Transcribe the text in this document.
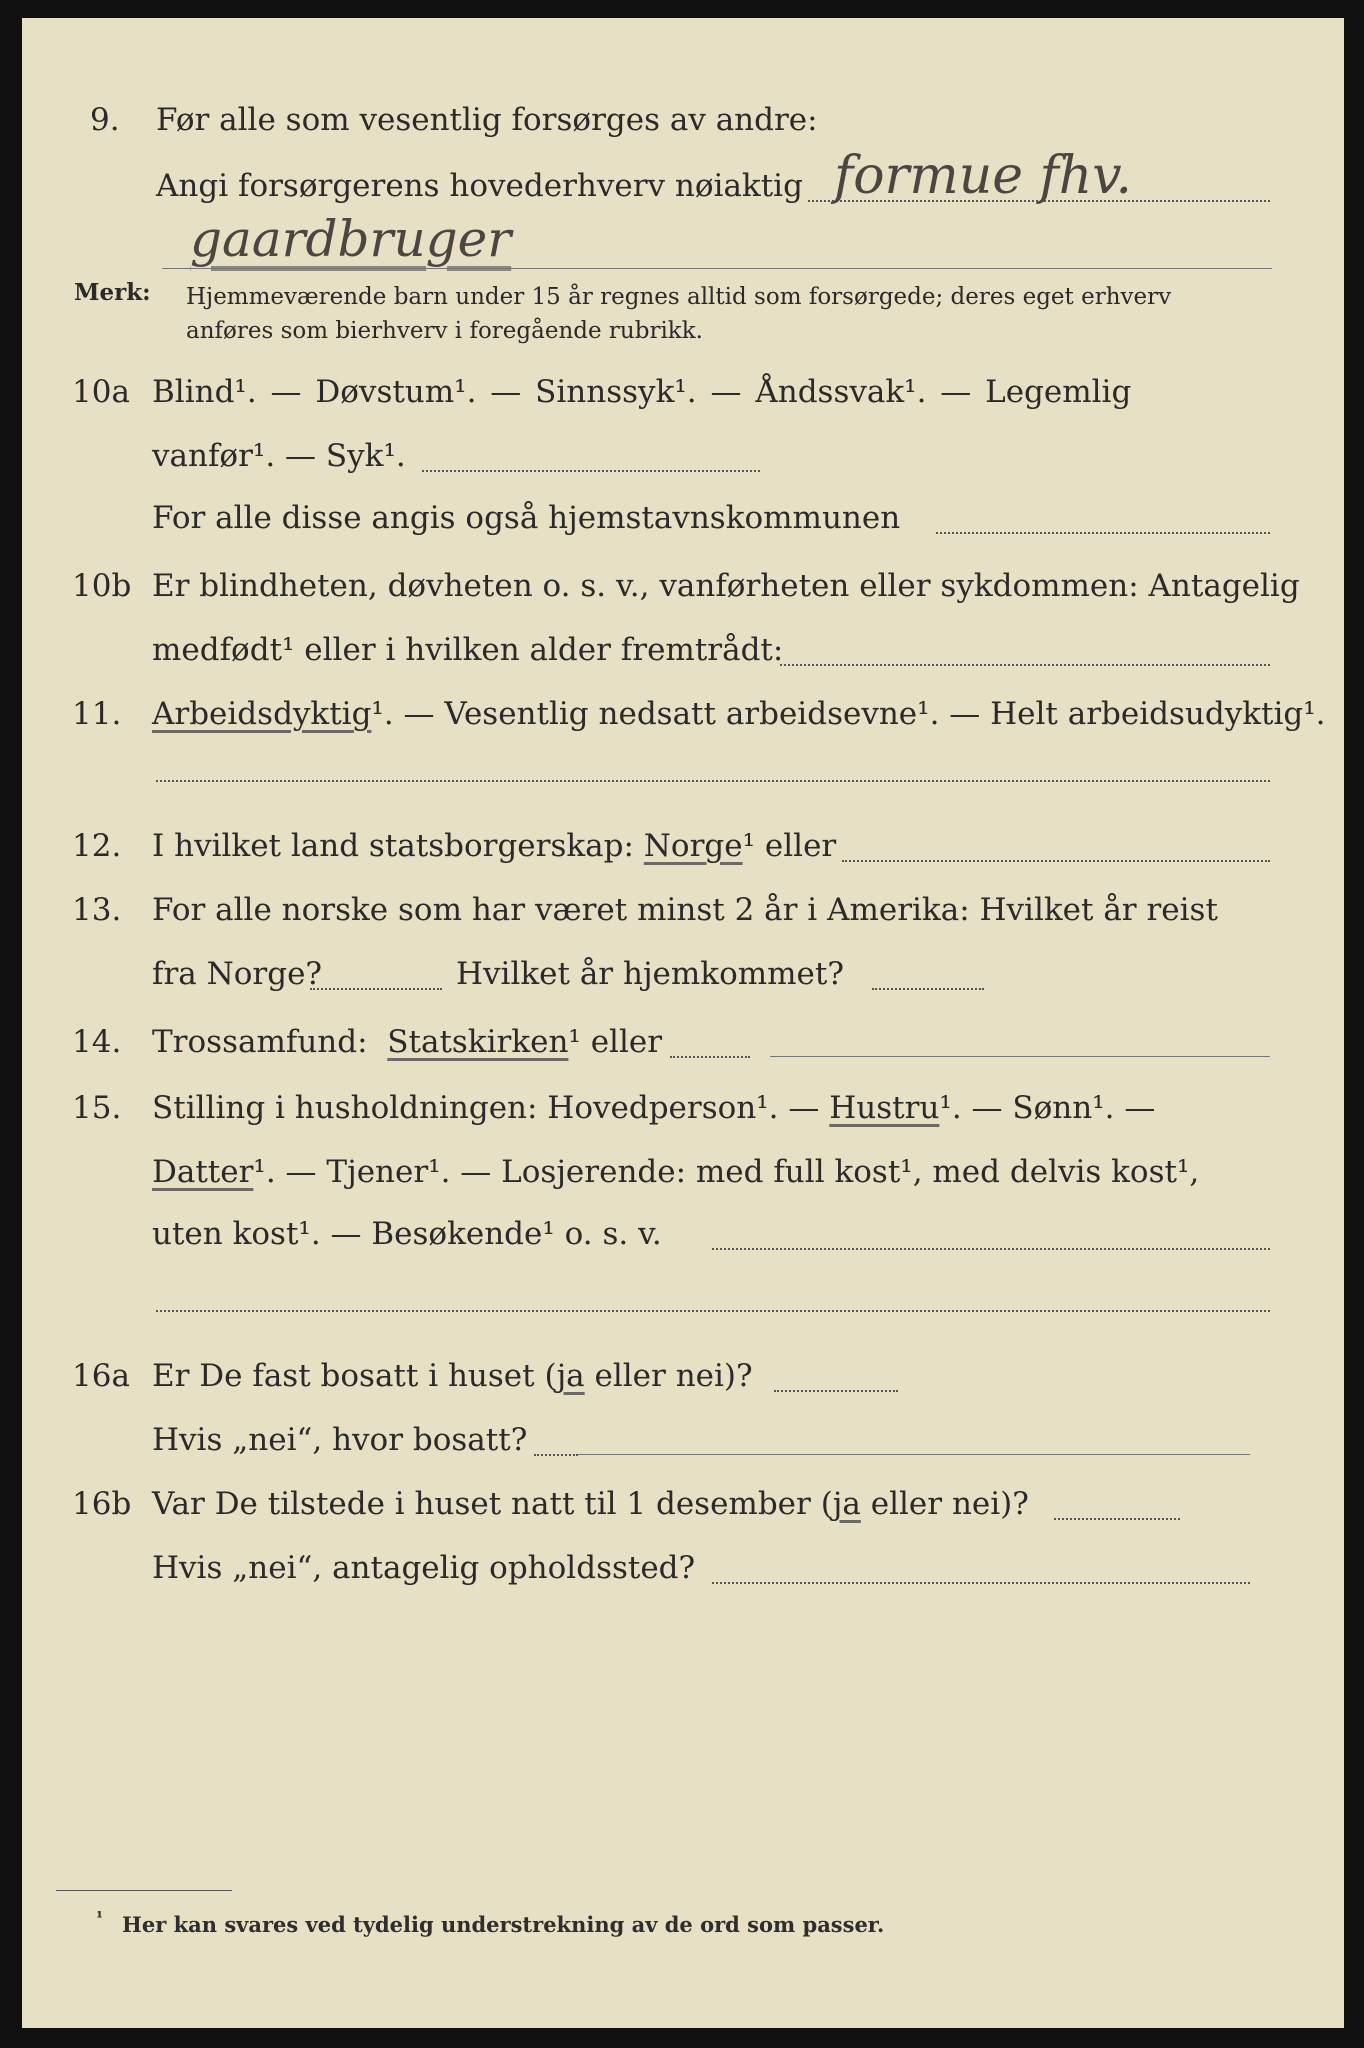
9. Før alle som vesentlig forsørges av andre:
Angi forsørgerens hovederhverv nøiaktig formue fhv.
gaardbruger
Merk: Hjemmeværende barn under 15 år regnes alltid som forsørgede; deres eget erhverv
anføres som bierhverv i foregående rubrikk.
10a Blind¹. — Døvstum¹. — Sinnssyk¹. — Åndssvak¹. — Legemlig
vanfør¹. — Syk¹.
For alle disse angis også hjemstavnskommunen
10b Er blindheten, døvheten o. s. v., vanførheten eller sykdommen: Antagelig
medfødt¹ eller i hvilken alder fremtrådt:
11. Arbeidsdyktig¹. — Vesentlig nedsatt arbeidsevne¹. — Helt arbeidsudyktig¹.
12. I hvilket land statsborgerskap: Norge¹ eller
13. For alle norske som har været minst 2 år i Amerika: Hvilket år reist
fra Norge?	Hvilket år hjemkommet?
14. Trossamfund: Statskirken¹ eller
15. Stilling i husholdningen: Hovedperson¹. — Hustru¹. — Sønn¹. —
Datter¹. — Tjener¹. — Losjerende: med full kost¹, med delvis kost¹,
uten kost¹. — Besøkende¹ o. s. v.
16a Er De fast bosatt i huset (ja eller nei)?
Hvis „nei“, hvor bosatt?
16b Var De tilstede i huset natt til 1 desember (ja eller nei)?
Hvis „nei“, antagelig opholdssted?
¹ Her kan svares ved tydelig understrekning av de ord som passer.
